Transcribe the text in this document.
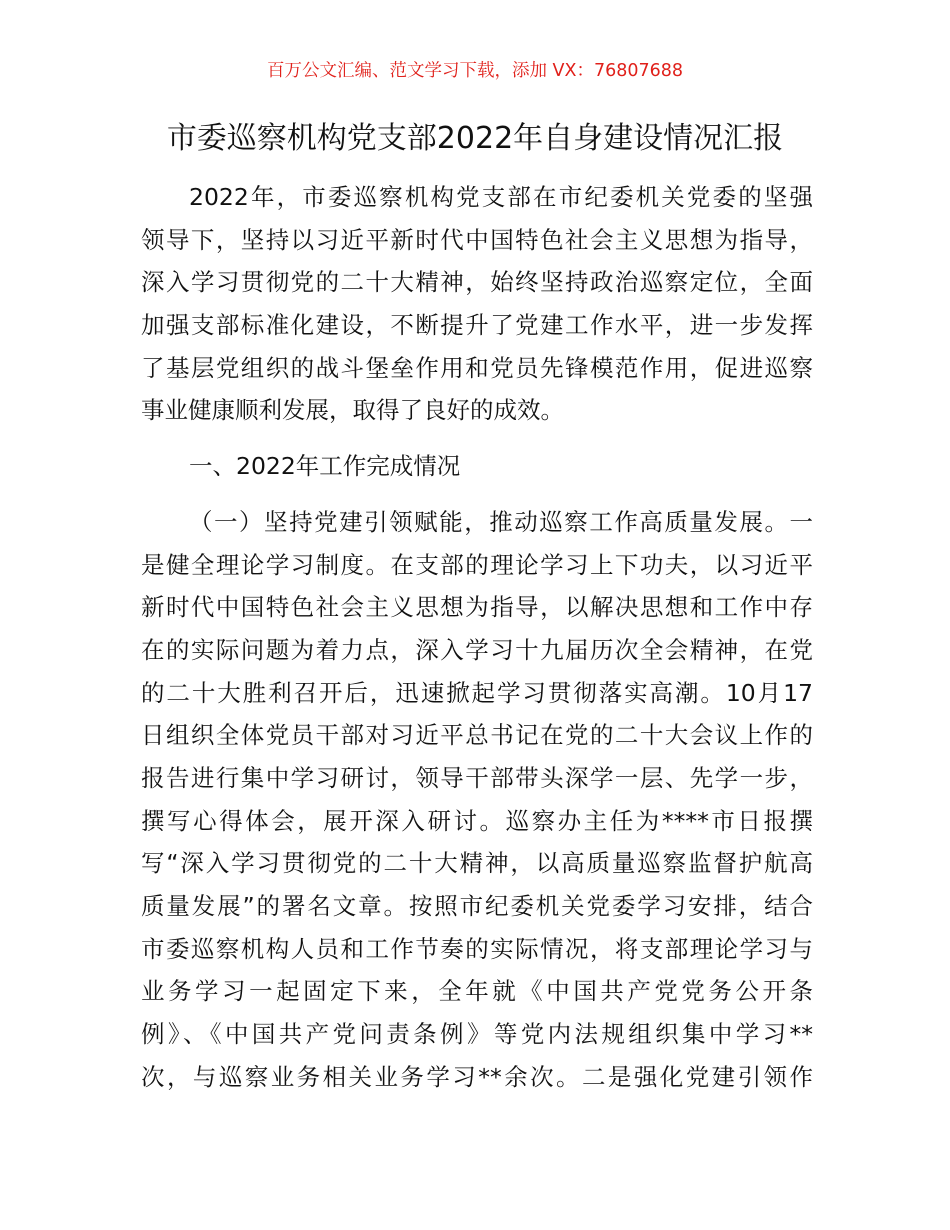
百万公文汇编、范文学习下载，添加 VX：76807688
市委巡察机构党支部2022年自身建设情况汇报
2022年，市委巡察机构党支部在市纪委机关党委的坚强
领导下，坚持以习近平新时代中国特色社会主义思想为指导，
深入学习贯彻党的二十大精神，始终坚持政治巡察定位，全面
加强支部标准化建设，不断提升了党建工作水平，进一步发挥
了基层党组织的战斗堡垒作用和党员先锋模范作用，促进巡察
事业健康顺利发展，取得了良好的成效。
一、2022年工作完成情况
（一）坚持党建引领赋能，推动巡察工作高质量发展。一
是健全理论学习制度。在支部的理论学习上下功夫，以习近平
新时代中国特色社会主义思想为指导，以解决思想和工作中存
在的实际问题为着力点，深入学习十九届历次全会精神，在党
的二十大胜利召开后，迅速掀起学习贯彻落实高潮。10月17
日组织全体党员干部对习近平总书记在党的二十大会议上作的
报告进行集中学习研讨，领导干部带头深学一层、先学一步，
撰写心得体会，展开深入研讨。巡察办主任为****市日报撰
写“深入学习贯彻党的二十大精神，以高质量巡察监督护航高
质量发展”的署名文章。按照市纪委机关党委学习安排，结合
市委巡察机构人员和工作节奏的实际情况，将支部理论学习与
业务学习一起固定下来，全年就《中国共产党党务公开条
例》、《中国共产党问责条例》等党内法规组织集中学习**
次，与巡察业务相关业务学习**余次。二是强化党建引领作
